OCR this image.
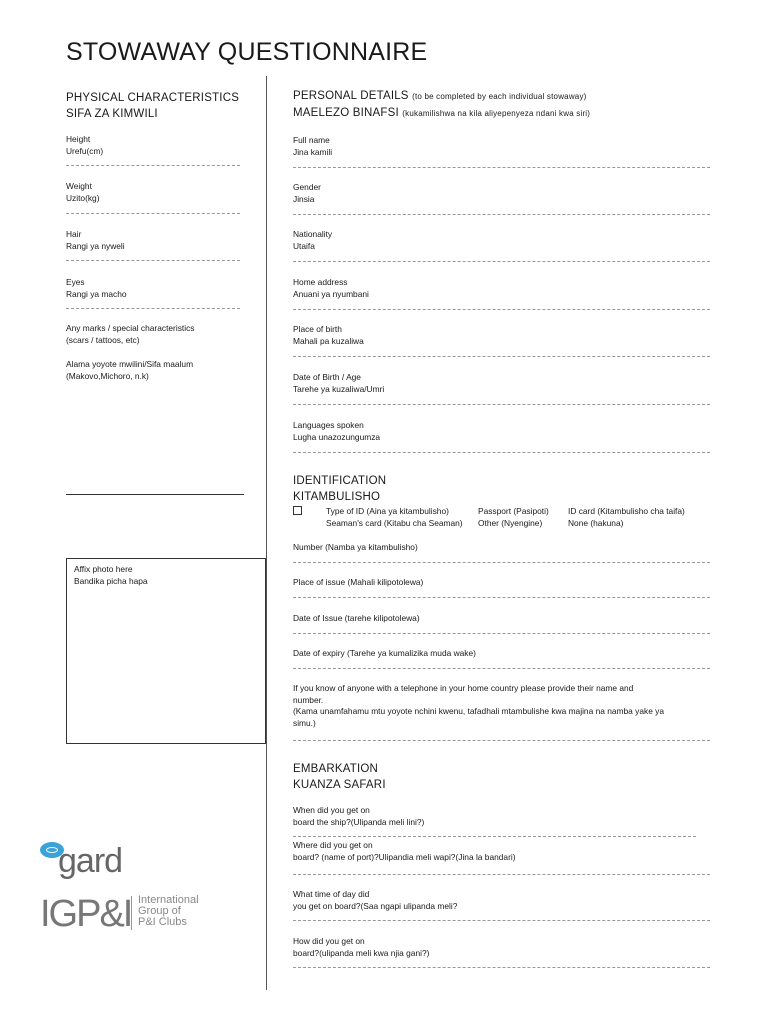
STOWAWAY QUESTIONNAIRE
PHYSICAL CHARACTERISTICS
SIFA ZA KIMWILI
Height
Urefu(cm)
Weight
Uzito(kg)
Hair
Rangi ya nyweli
Eyes
Rangi ya macho
Any marks / special characteristics
(scars / tattoos, etc)
Alama yoyote mwilini/Sifa maalum
(Makovo,Michoro, n.k)
Affix photo here
Bandika picha hapa
gard
IGP&I International
Group of
P&I Clubs
PERSONAL DETAILS (to be completed by each individual stowaway)
MAELEZO BINAFSI (kukamilishwa na kila aliyepenyeza ndani kwa siri)
Full name
Jina kamili
Gender
Jinsia
Nationality
Utaifa
Home address
Anuani ya nyumbani
Place of birth
Mahali pa kuzaliwa
Date of Birth / Age
Tarehe ya kuzaliwa/Umri
Languages spoken
Lugha unazozungumza
IDENTIFICATION
KITAMBULISHO
Type of ID (Aina ya kitambulisho)
Seaman's card (Kitabu cha Seaman)
Passport (Pasipoti)
Other (Nyengine)
ID card (Kitambulisho cha taifa)
None (hakuna)
Number (Namba ya kitambulisho)
Place of issue (Mahali kilipotolewa)
Date of Issue (tarehe kilipotolewa)
Date of expiry (Tarehe ya kumalizika muda wake)
If you know of anyone with a telephone in your home country please provide their name and
number.
(Kama unamfahamu mtu yoyote nchini kwenu, tafadhali mtambulishe kwa majina na namba yake ya
simu.)
EMBARKATION
KUANZA SAFARI
When did you get on
board the ship?(Ulipanda meli lini?)
Where did you get on
board? (name of port)?Ulipandia meli wapi?(Jina la bandari)
What time of day did
you get on board?(Saa ngapi ulipanda meli?
How did you get on
board?(ulipanda meli kwa njia gani?)
